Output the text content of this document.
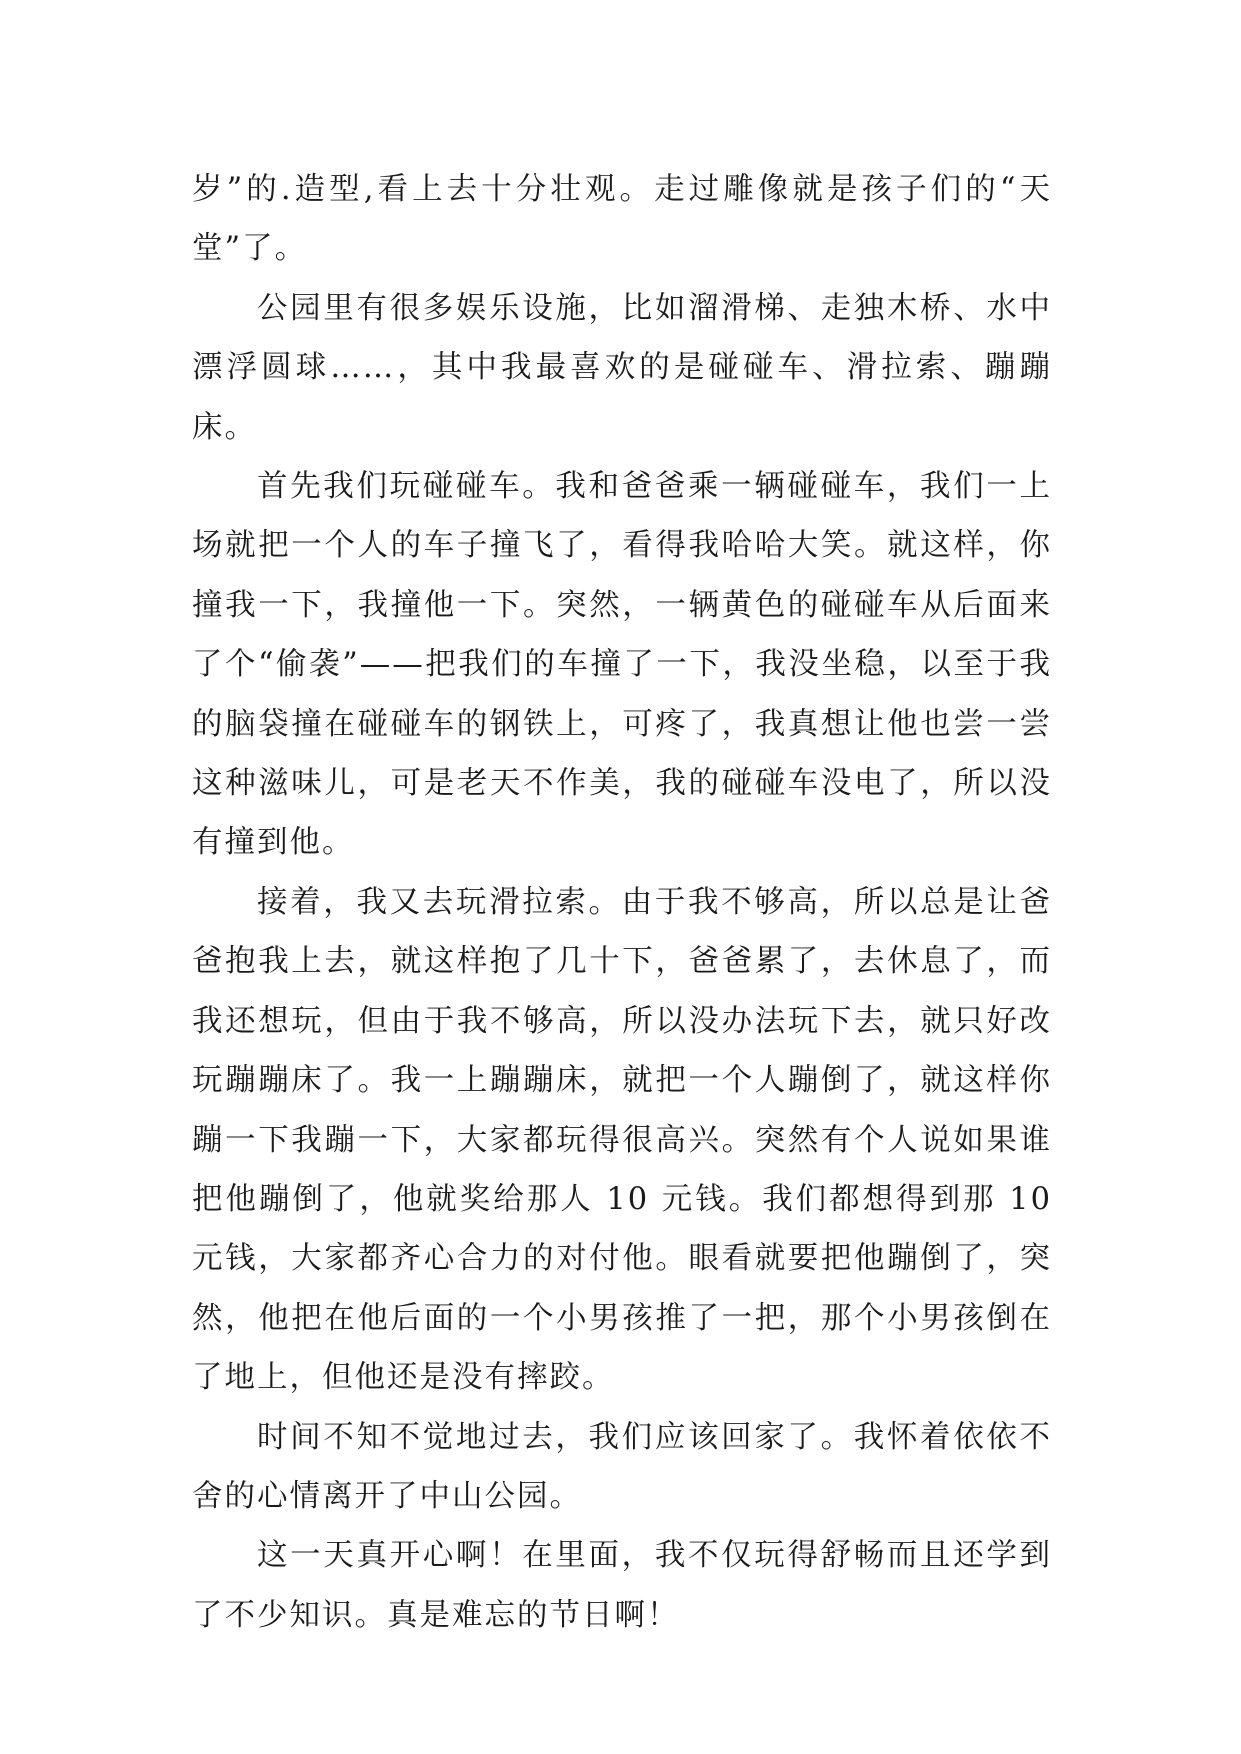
岁”的.造型,看上去十分壮观。走过雕像就是孩子们的“天堂”了。

公园里有很多娱乐设施，比如溜滑梯、走独木桥、水中漂浮圆球……，其中我最喜欢的是碰碰车、滑拉索、蹦蹦床。

首先我们玩碰碰车。我和爸爸乘一辆碰碰车，我们一上场就把一个人的车子撞飞了，看得我哈哈大笑。就这样，你撞我一下，我撞他一下。突然，一辆黄色的碰碰车从后面来了个“偷袭”——把我们的车撞了一下，我没坐稳，以至于我的脑袋撞在碰碰车的钢铁上，可疼了，我真想让他也尝一尝这种滋味儿，可是老天不作美，我的碰碰车没电了，所以没有撞到他。

接着，我又去玩滑拉索。由于我不够高，所以总是让爸爸抱我上去，就这样抱了几十下，爸爸累了，去休息了，而我还想玩，但由于我不够高，所以没办法玩下去，就只好改玩蹦蹦床了。我一上蹦蹦床，就把一个人蹦倒了，就这样你蹦一下我蹦一下，大家都玩得很高兴。突然有个人说如果谁把他蹦倒了，他就奖给那人 10 元钱。我们都想得到那 10 元钱，大家都齐心合力的对付他。眼看就要把他蹦倒了，突然，他把在他后面的一个小男孩推了一把，那个小男孩倒在了地上，但他还是没有摔跤。

时间不知不觉地过去，我们应该回家了。我怀着依依不舍的心情离开了中山公园。

这一天真开心啊！在里面，我不仅玩得舒畅而且还学到了不少知识。真是难忘的节日啊！
